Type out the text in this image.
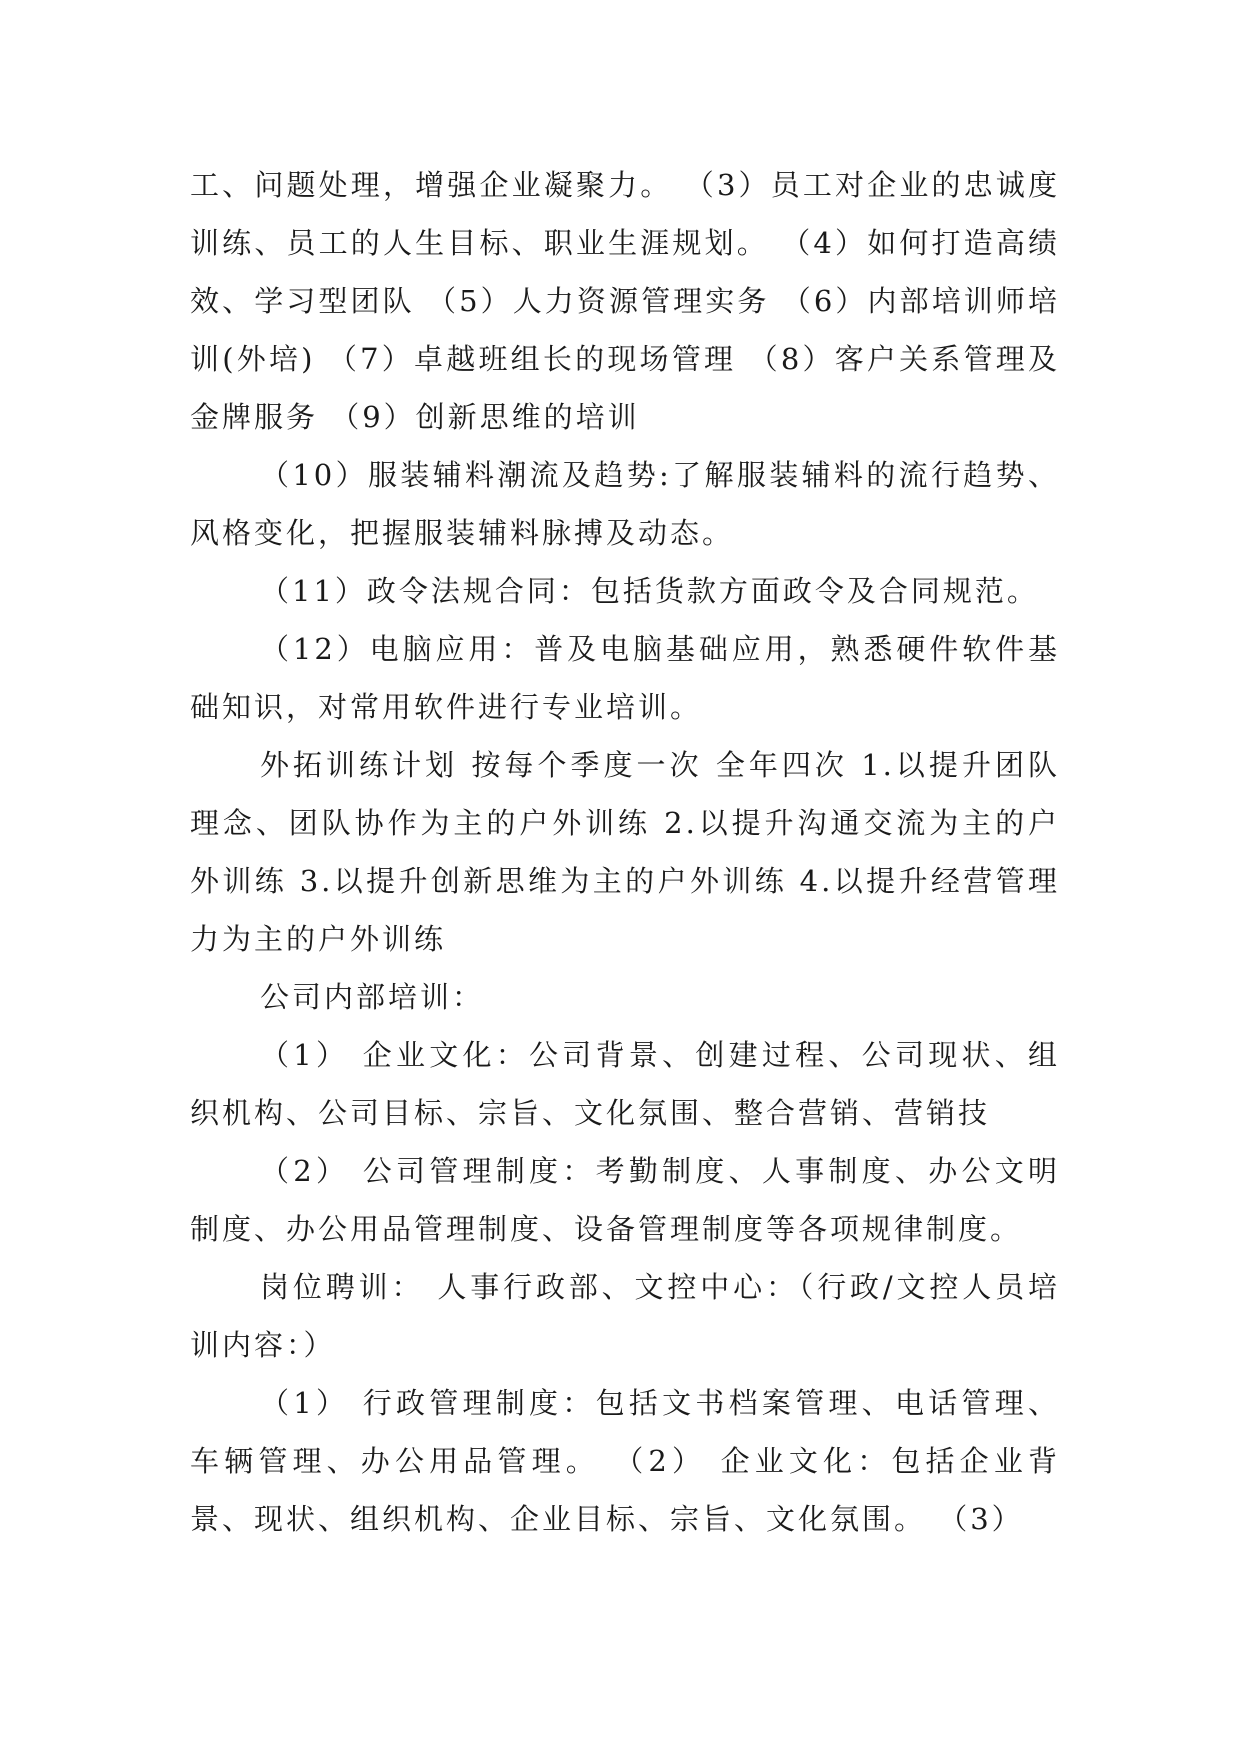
工、问题处理，增强企业凝聚力。 （3）员工对企业的忠诚度训练、员工的人生目标、职业生涯规划。 （4）如何打造高绩效、学习型团队 （5）人力资源管理实务 （6）内部培训师培训(外培) （7）卓越班组长的现场管理 （8）客户关系管理及金牌服务 （9）创新思维的培训

（10）服装辅料潮流及趋势:了解服装辅料的流行趋势、风格变化，把握服装辅料脉搏及动态。

（11）政令法规合同：包括货款方面政令及合同规范。

（12）电脑应用：普及电脑基础应用，熟悉硬件软件基础知识，对常用软件进行专业培训。

外拓训练计划 按每个季度一次 全年四次 1.以提升团队理念、团队协作为主的户外训练 2.以提升沟通交流为主的户外训练 3.以提升创新思维为主的户外训练 4.以提升经营管理力为主的户外训练

公司内部培训：

（1） 企业文化：公司背景、创建过程、公司现状、组织机构、公司目标、宗旨、文化氛围、整合营销、营销技

（2） 公司管理制度：考勤制度、人事制度、办公文明制度、办公用品管理制度、设备管理制度等各项规律制度。

岗位聘训： 人事行政部、文控中心：（行政/文控人员培训内容：）

（1） 行政管理制度：包括文书档案管理、电话管理、车辆管理、办公用品管理。 （2） 企业文化：包括企业背景、现状、组织机构、企业目标、宗旨、文化氛围。 （3）
